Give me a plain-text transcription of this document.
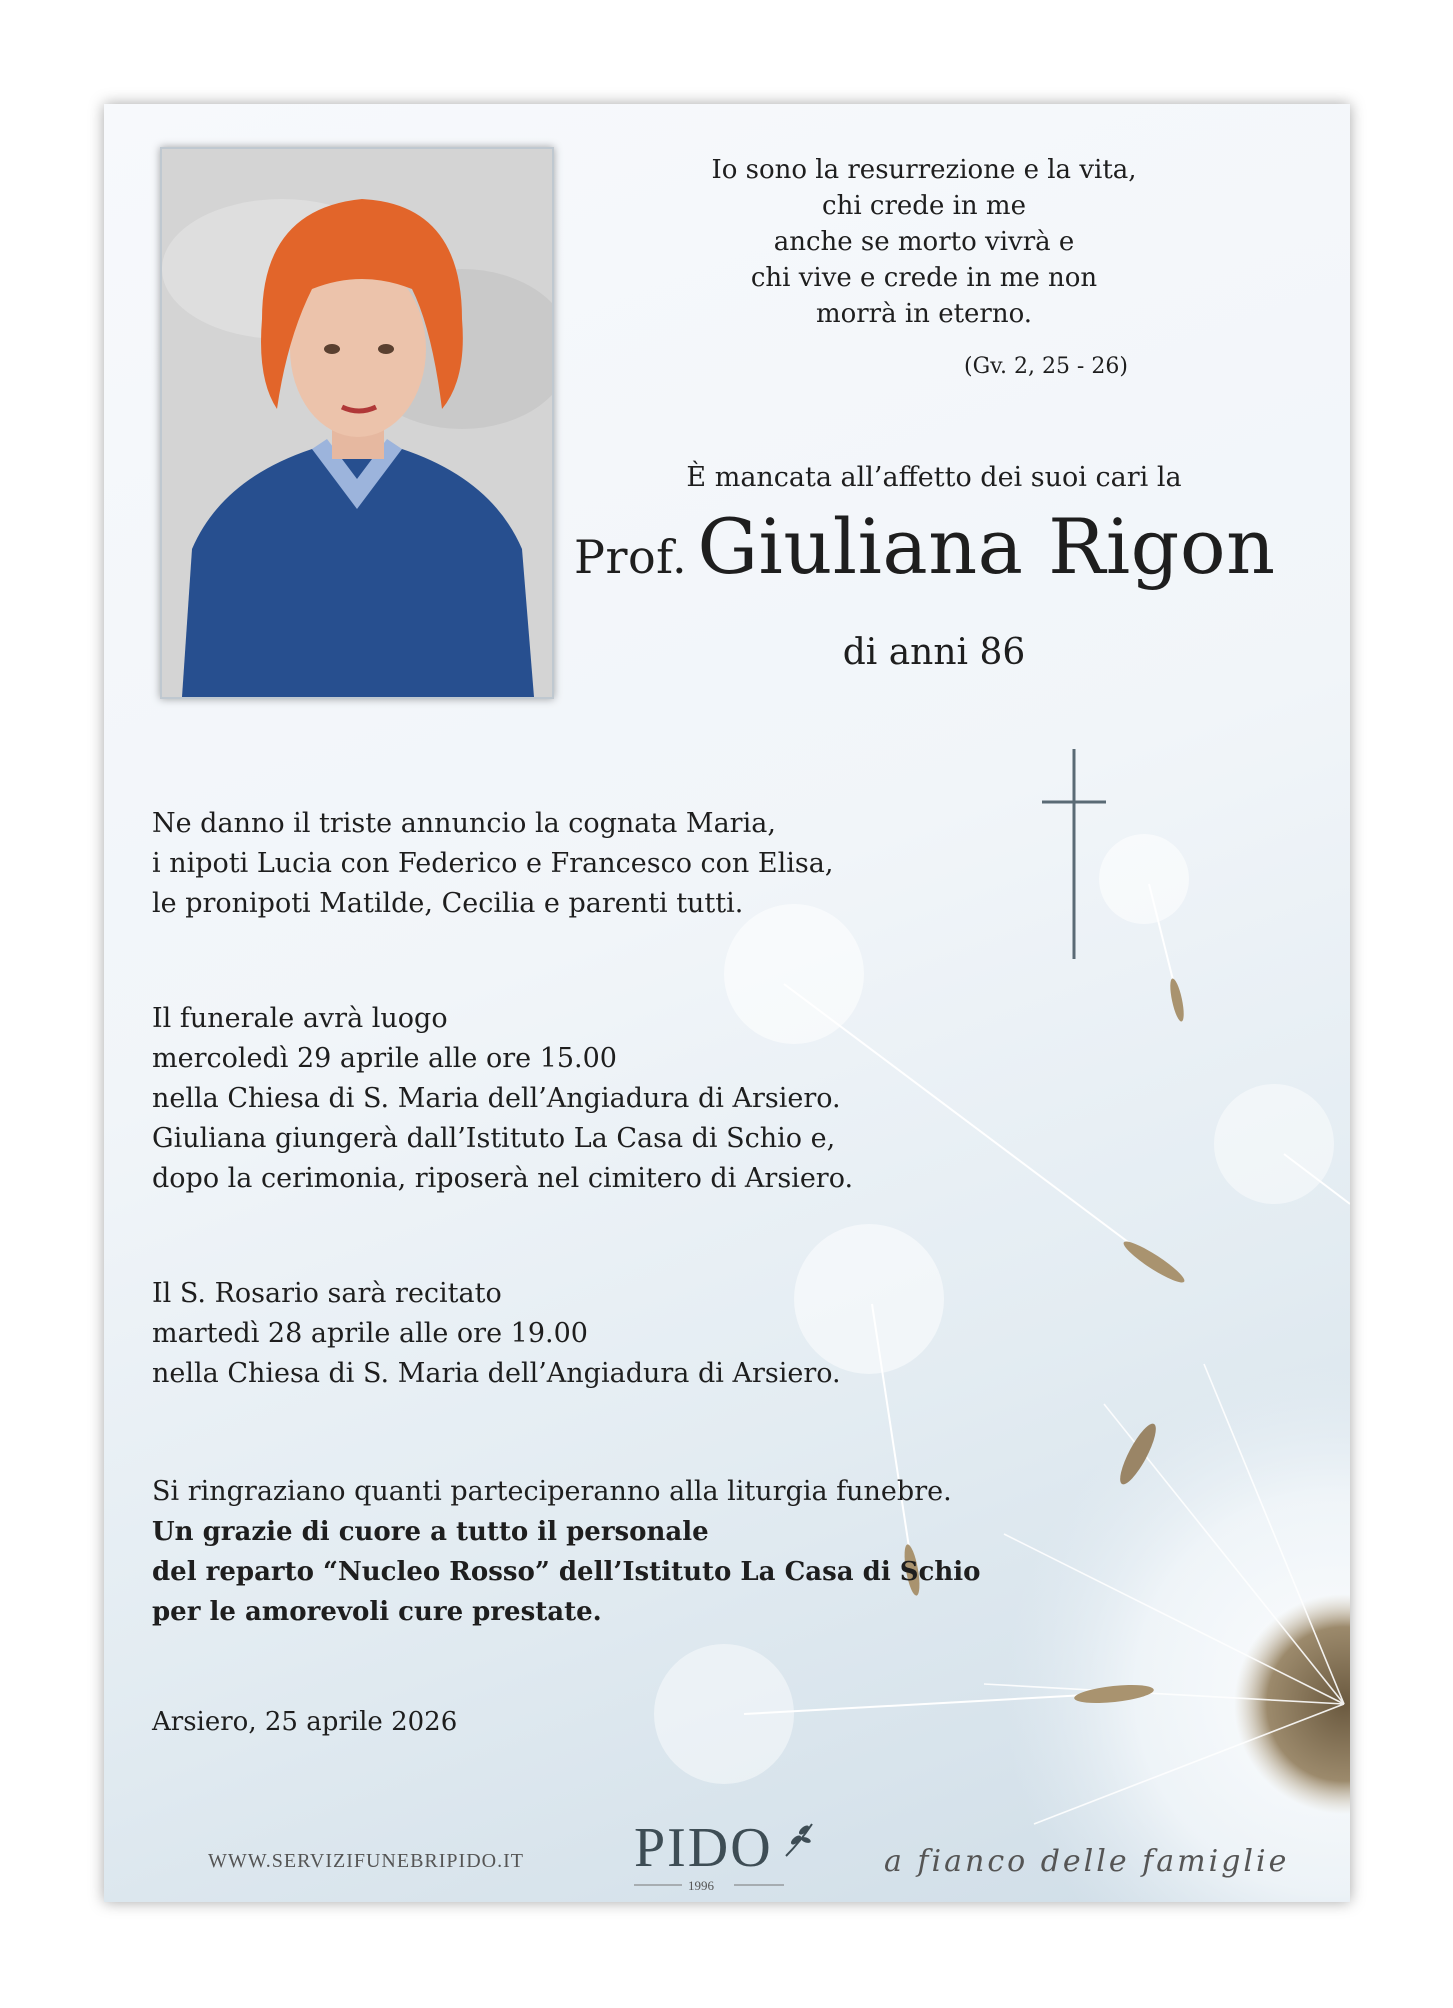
Io sono la resurrezione e la vita,
chi crede in me
anche se morto vivrà e
chi vive e crede in me non
morrà in eterno.

(Gv. 2, 25 - 26)

È mancata all’affetto dei suoi cari la

Prof. Giuliana Rigon

di anni 86

Ne danno il triste annuncio la cognata Maria,
i nipoti Lucia con Federico e Francesco con Elisa,
le pronipoti Matilde, Cecilia e parenti tutti.

Il funerale avrà luogo
mercoledì 29 aprile alle ore 15.00
nella Chiesa di S. Maria dell’Angiadura di Arsiero.
Giuliana giungerà dall’Istituto La Casa di Schio e,
dopo la cerimonia, riposerà nel cimitero di Arsiero.

Il S. Rosario sarà recitato
martedì 28 aprile alle ore 19.00
nella Chiesa di S. Maria dell’Angiadura di Arsiero.

Si ringraziano quanti parteciperanno alla liturgia funebre.
Un grazie di cuore a tutto il personale
del reparto “Nucleo Rosso” dell’Istituto La Casa di Schio
per le amorevoli cure prestate.

Arsiero, 25 aprile 2026

WWW.SERVIZIFUNEBRIPIDO.IT PIDO

1996

a fianco delle famiglie
